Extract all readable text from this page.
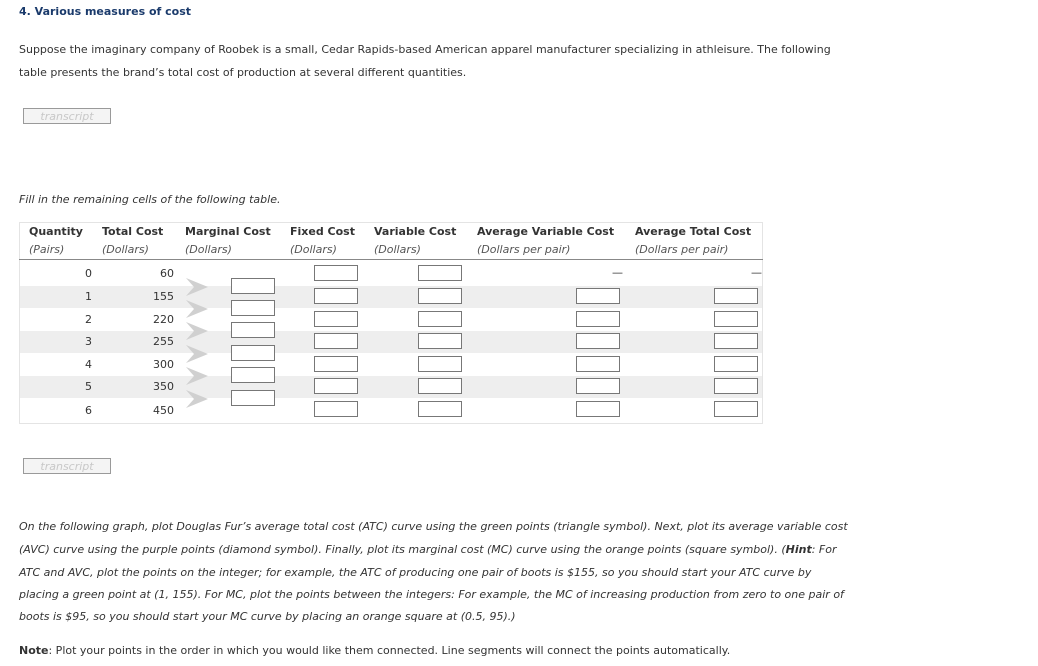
4. Various measures of cost
Suppose the imaginary company of Roobek is a small, Cedar Rapids-based American apparel manufacturer specializing in athleisure. The following
table presents the brand’s total cost of production at several different quantities.
transcript
Fill in the remaining cells of the following table.
Quantity
(Pairs)
Total Cost
(Dollars)
Marginal Cost
(Dollars)
Fixed Cost
(Dollars)
Variable Cost
(Dollars)
Average Variable Cost
(Dollars per pair)
Average Total Cost
(Dollars per pair)
0
1
2
3
4
5
6
60
155
220
255
300
350
450
—	—
transcript
On the following graph, plot Douglas Fur’s average total cost (ATC) curve using the green points (triangle symbol). Next, plot its average variable cost
(AVC) curve using the purple points (diamond symbol). Finally, plot its marginal cost (MC) curve using the orange points (square symbol). (Hint: For
ATC and AVC, plot the points on the integer; for example, the ATC of producing one pair of boots is $155, so you should start your ATC curve by
placing a green point at (1, 155). For MC, plot the points between the integers: For example, the MC of increasing production from zero to one pair of
boots is $95, so you should start your MC curve by placing an orange square at (0.5, 95).)
Note: Plot your points in the order in which you would like them connected. Line segments will connect the points automatically.
